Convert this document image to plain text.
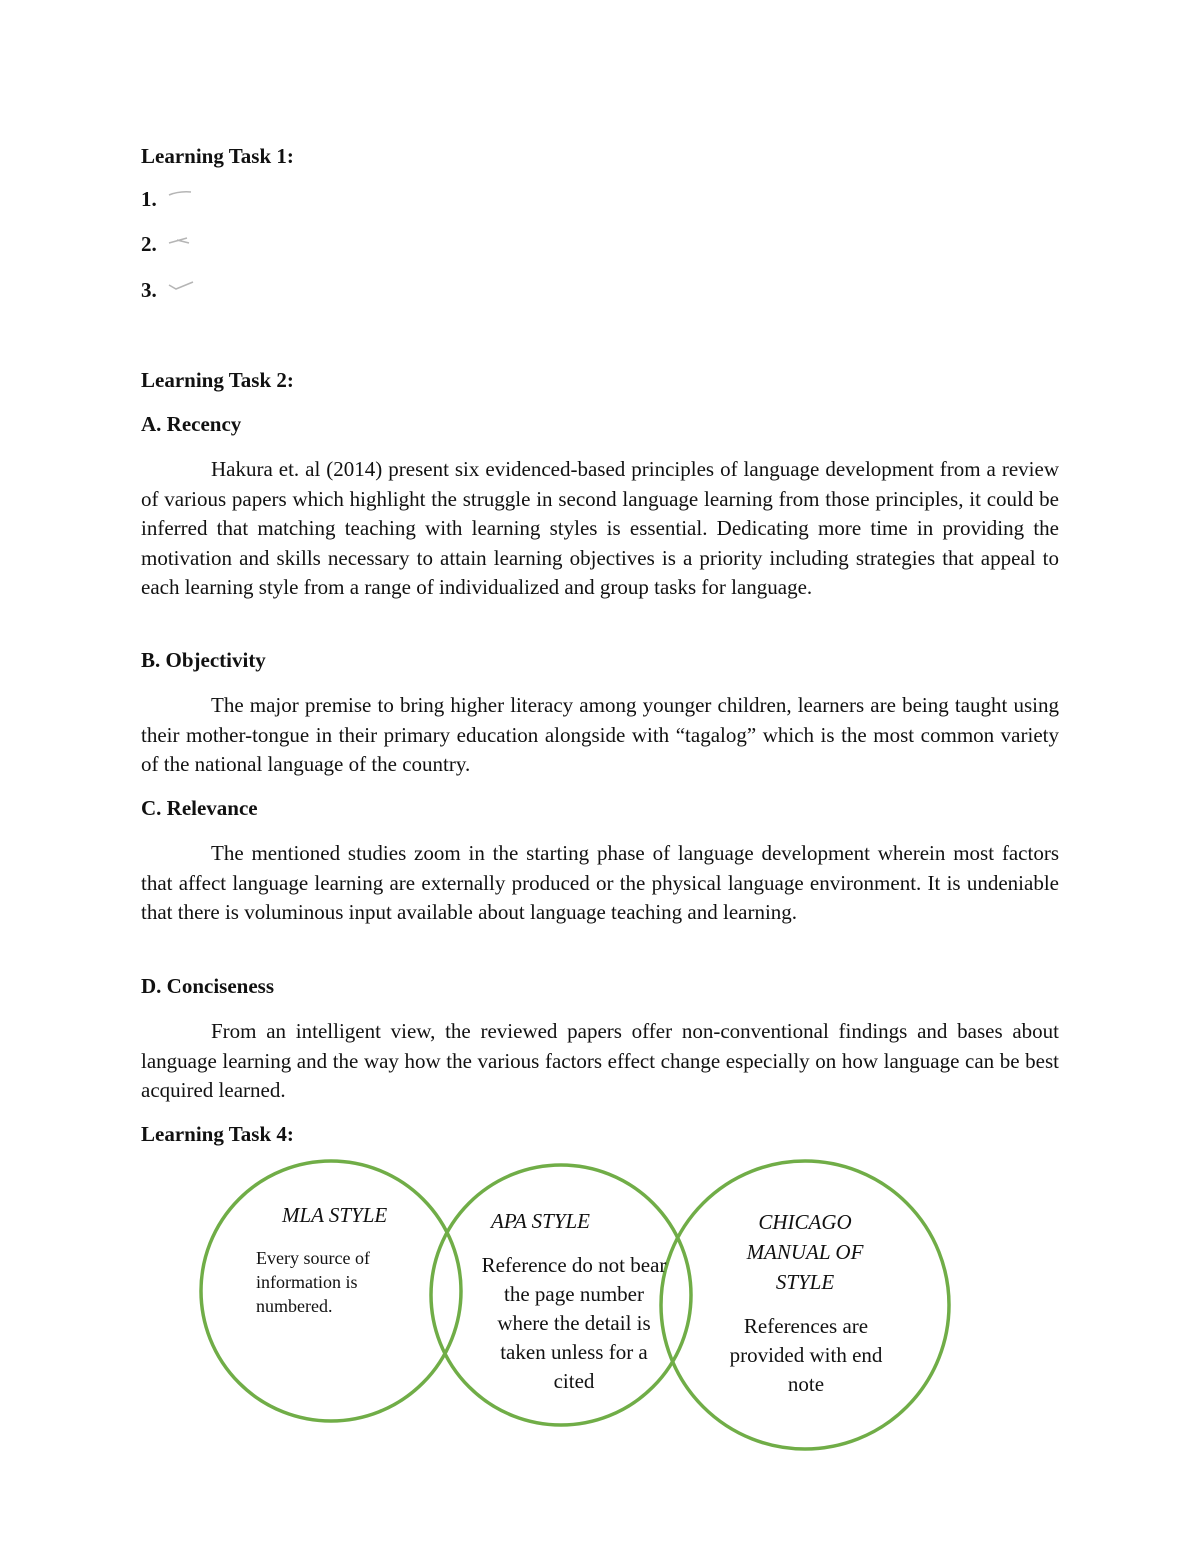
Learning Task 1:
1.
2.
3.
Learning Task 2:
A. Recency

Hakura et. al (2014) present six evidenced-based principles of language development from a review of various papers which highlight the struggle in second language learning from those principles, it could be inferred that matching teaching with learning styles is essential. Dedicating more time in providing the motivation and skills necessary to attain learning objectives is a priority including strategies that appeal to each learning style from a range of individualized and group tasks for language.

B. Objectivity

The major premise to bring higher literacy among younger children, learners are being taught using their mother-tongue in their primary education alongside with “tagalog” which is the most common variety of the national language of the country.

C. Relevance

The mentioned studies zoom in the starting phase of language development wherein most factors that affect language learning are externally produced or the physical language environment. It is undeniable that there is voluminous input available about language teaching and learning.

D. Conciseness

From an intelligent view, the reviewed papers offer non-conventional findings and bases about language learning and the way how the various factors effect change especially on how language can be best acquired learned.

Learning Task 4:
MLA STYLE
Every source of information is numbered.
APA STYLE
Reference do not bear the page number where the detail is taken unless for a cited
CHICAGO MANUAL OF STYLE
References are provided with end note
